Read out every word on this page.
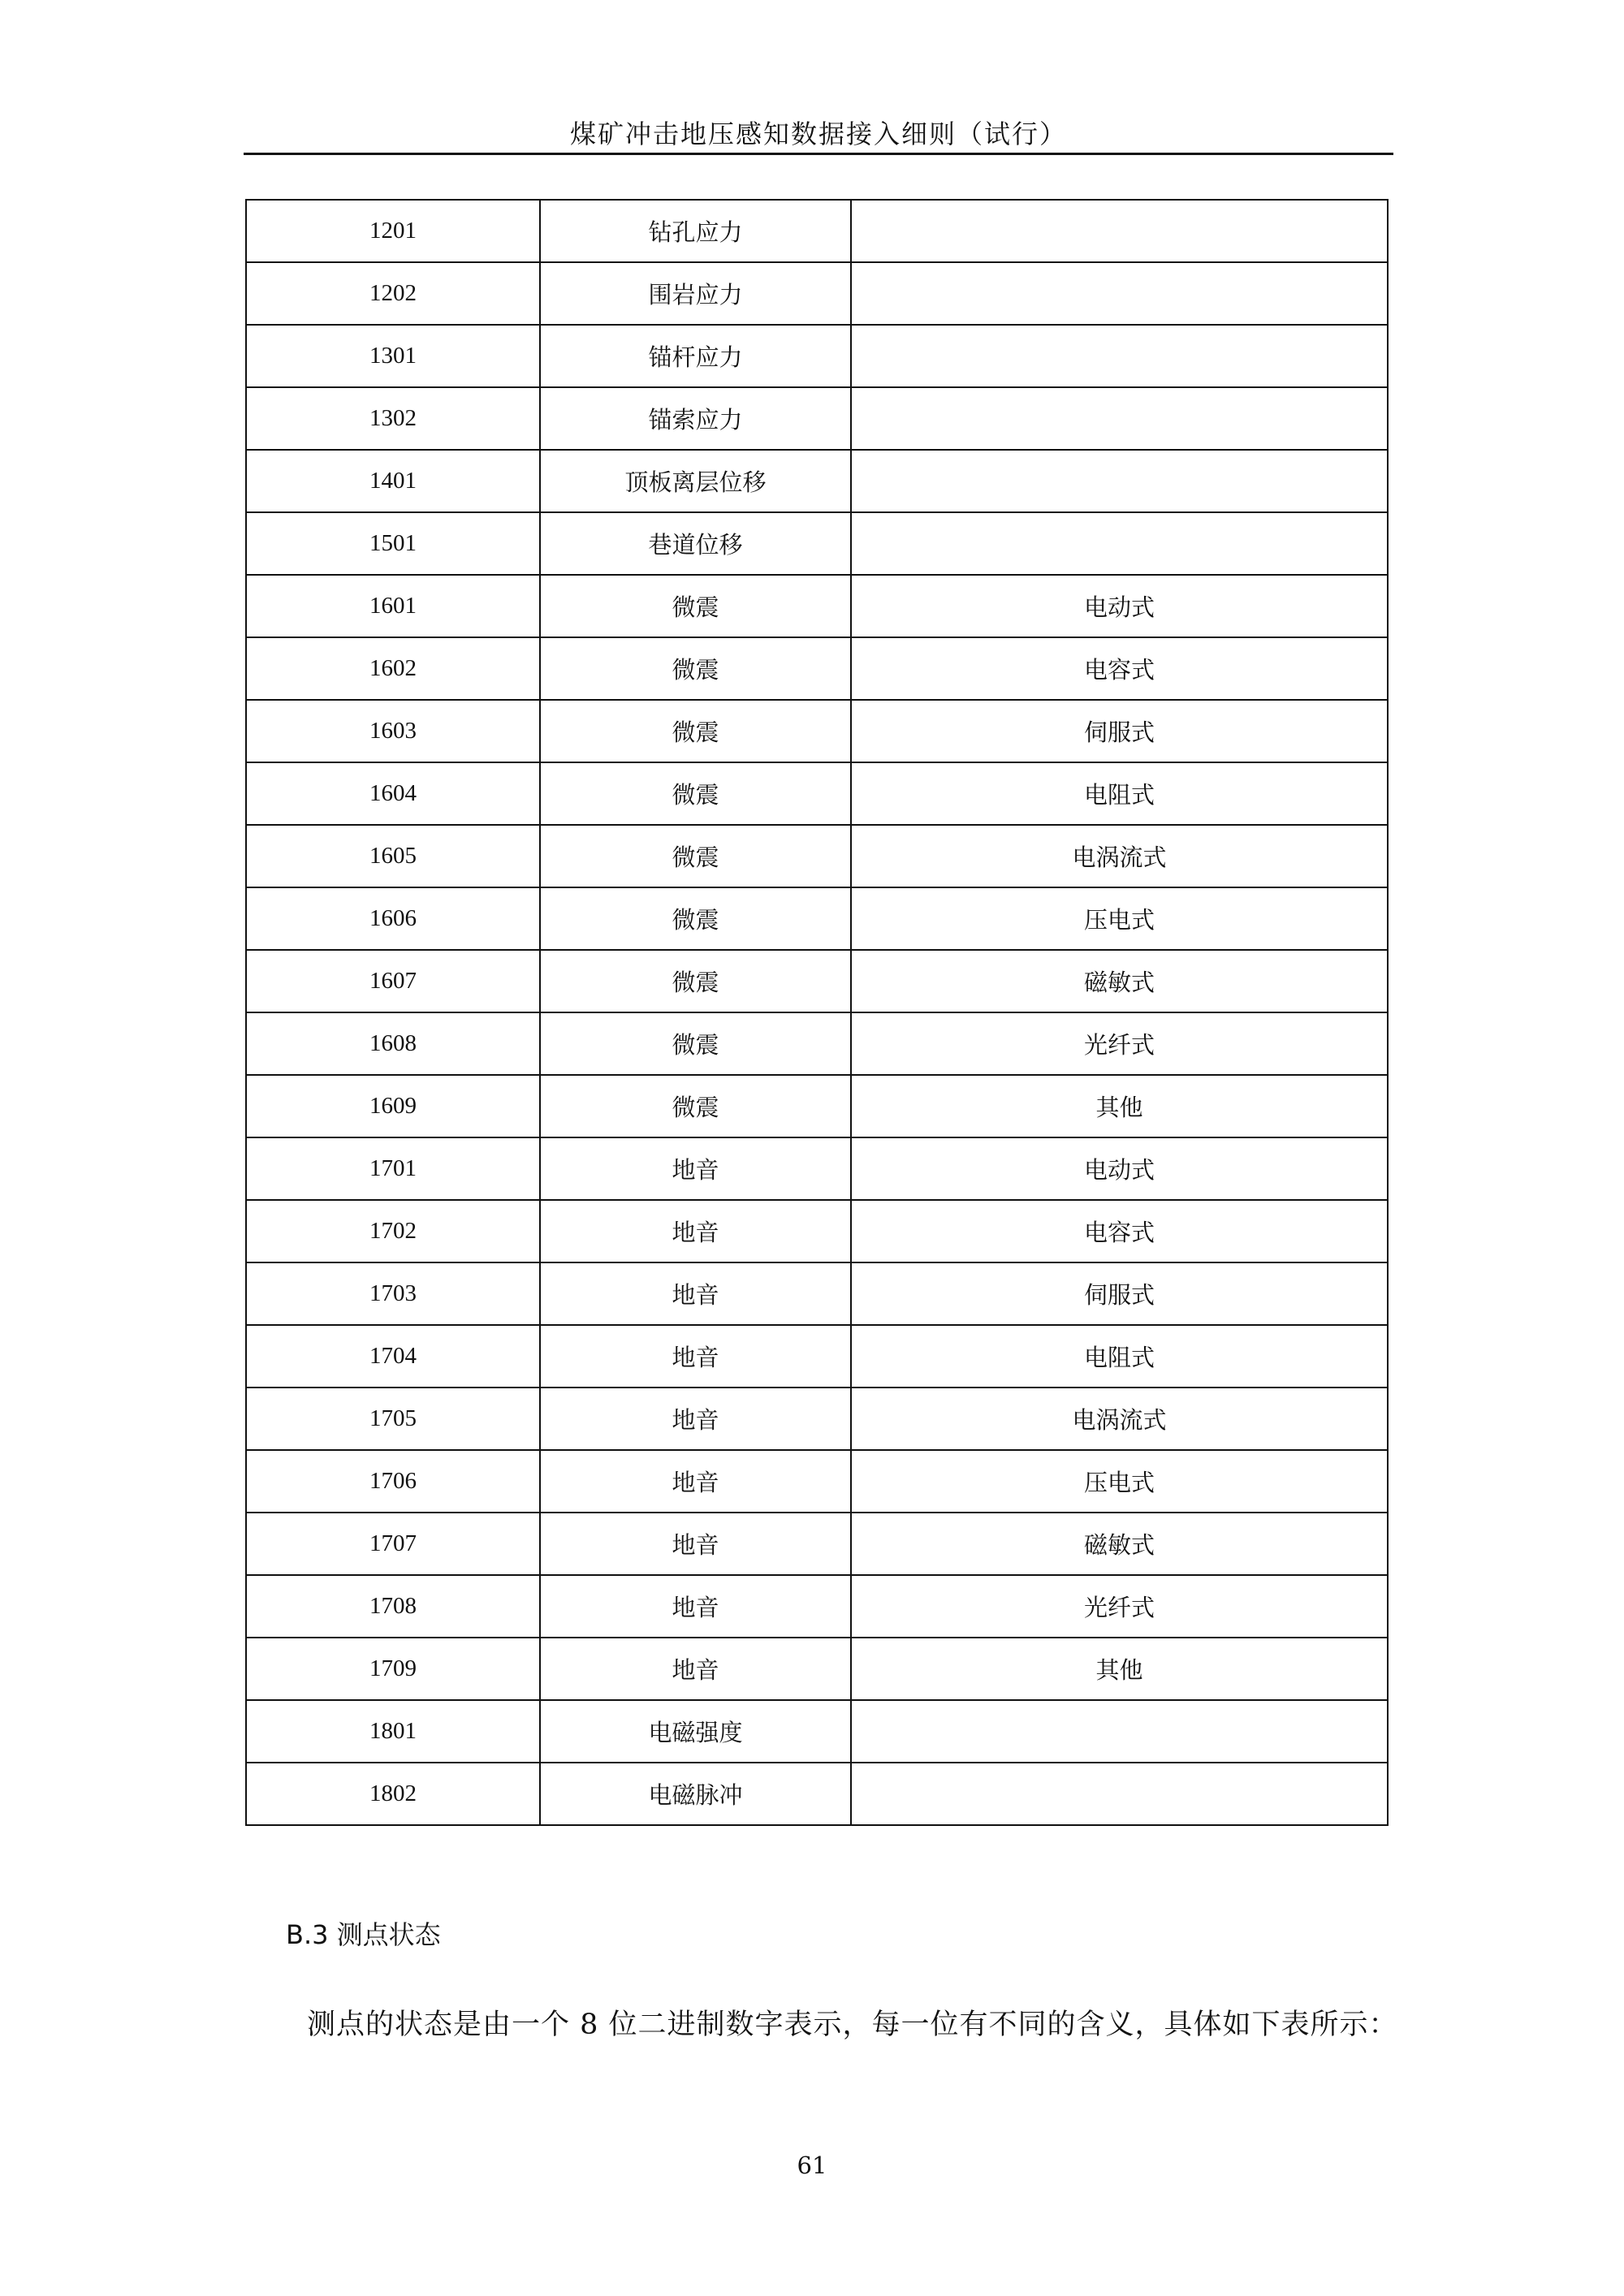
煤矿冲击地压感知数据接入细则（试行）
1201	钻孔应力	
1202	围岩应力	
1301	锚杆应力	
1302	锚索应力	
1401	顶板离层位移	
1501	巷道位移	
1601	微震	电动式
1602	微震	电容式
1603	微震	伺服式
1604	微震	电阻式
1605	微震	电涡流式
1606	微震	压电式
1607	微震	磁敏式
1608	微震	光纤式
1609	微震	其他
1701	地音	电动式
1702	地音	电容式
1703	地音	伺服式
1704	地音	电阻式
1705	地音	电涡流式
1706	地音	压电式
1707	地音	磁敏式
1708	地音	光纤式
1709	地音	其他
1801	电磁强度	
1802	电磁脉冲	
B.3 测点状态
测点的状态是由一个 8 位二进制数字表示，每一位有不同的含义，具体如下表所示：
61
